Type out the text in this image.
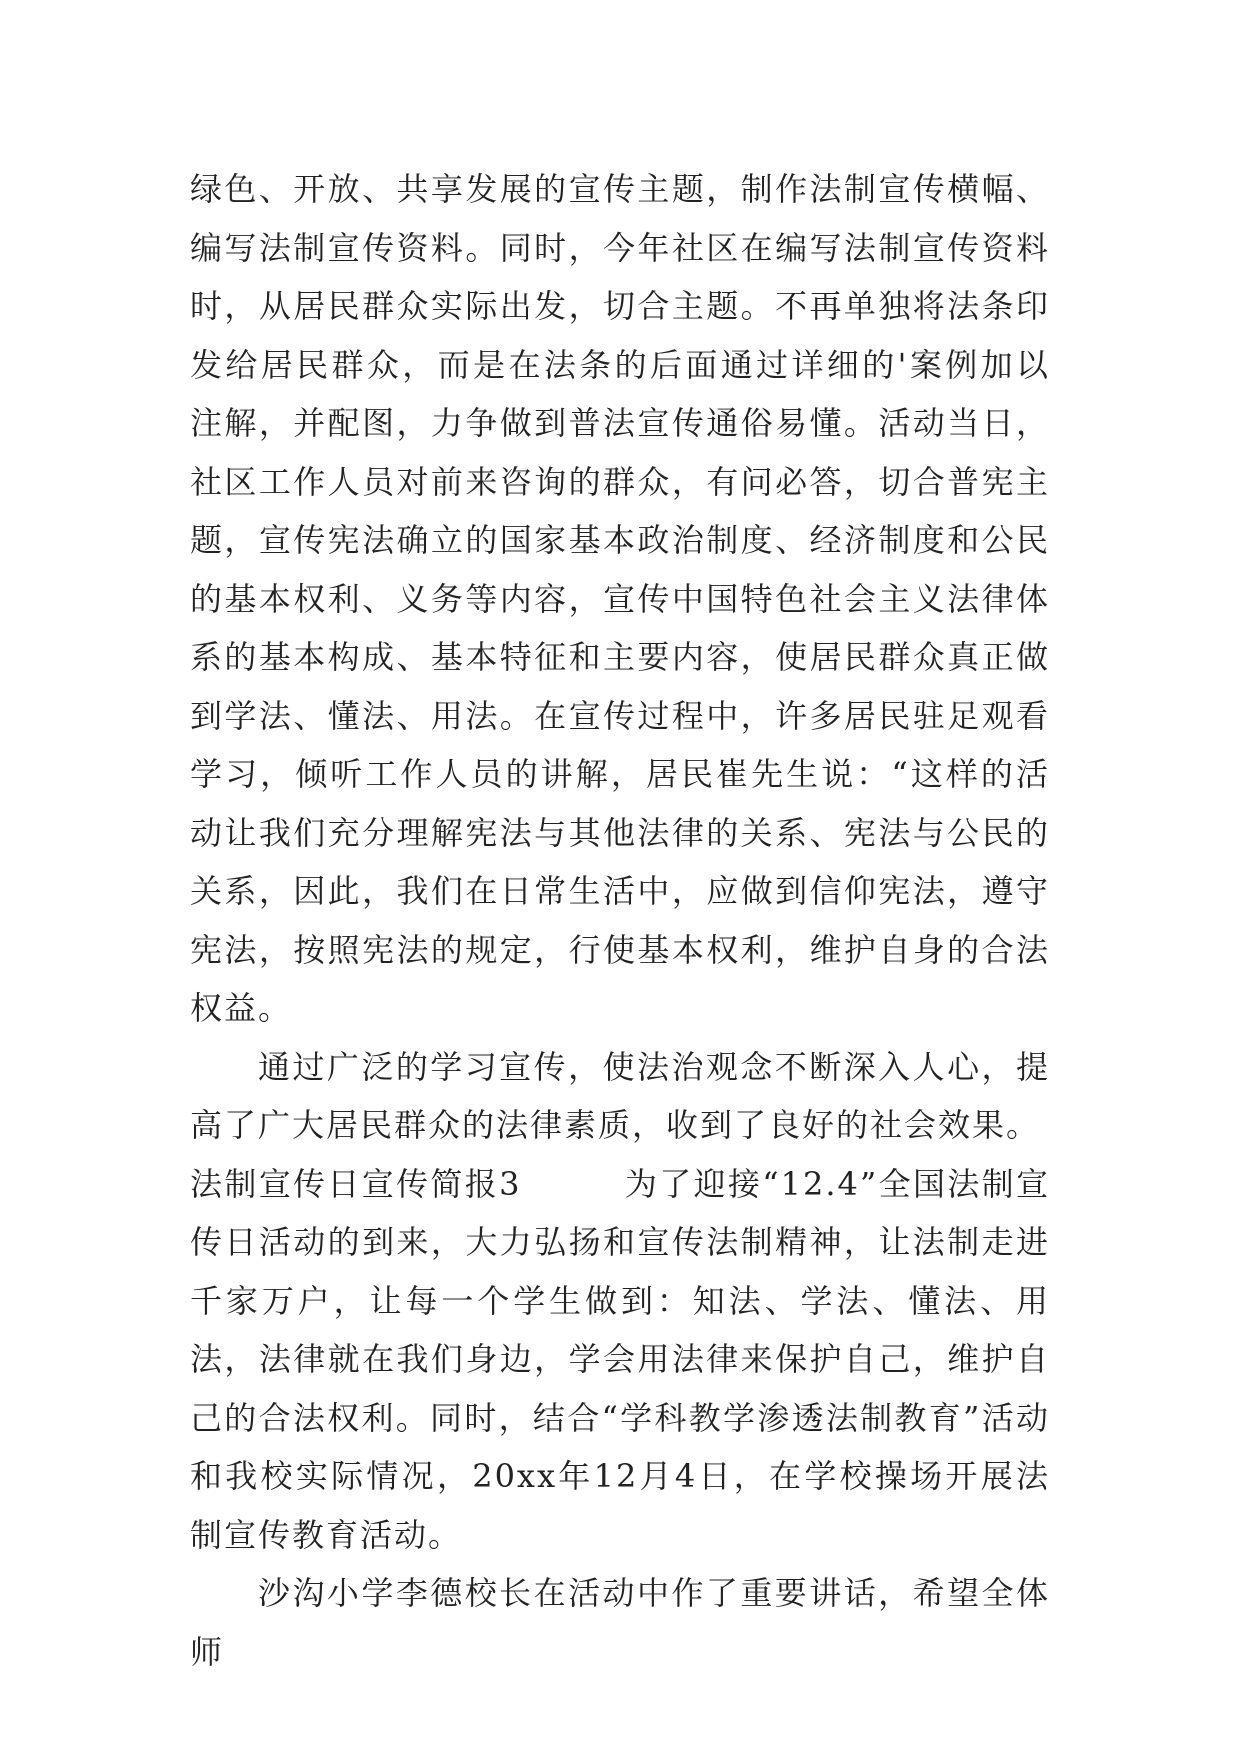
绿色、开放、共享发展的宣传主题，制作法制宣传横幅、编写法制宣传资料。同时，今年社区在编写法制宣传资料时，从居民群众实际出发，切合主题。不再单独将法条印发给居民群众，而是在法条的后面通过详细的'案例加以注解，并配图，力争做到普法宣传通俗易懂。活动当日，社区工作人员对前来咨询的群众，有问必答，切合普宪主题，宣传宪法确立的国家基本政治制度、经济制度和公民的基本权利、义务等内容，宣传中国特色社会主义法律体系的基本构成、基本特征和主要内容，使居民群众真正做到学法、懂法、用法。在宣传过程中，许多居民驻足观看学习，倾听工作人员的讲解，居民崔先生说：“这样的活动让我们充分理解宪法与其他法律的关系、宪法与公民的关系，因此，我们在日常生活中，应做到信仰宪法，遵守宪法，按照宪法的规定，行使基本权利，维护自身的合法权益。

通过广泛的学习宣传，使法治观念不断深入人心，提高了广大居民群众的法律素质，收到了良好的社会效果。

法制宣传日宣传简报3　　　为了迎接“12.4”全国法制宣传日活动的到来，大力弘扬和宣传法制精神，让法制走进千家万户，让每一个学生做到：知法、学法、懂法、用法，法律就在我们身边，学会用法律来保护自己，维护自己的合法权利。同时，结合“学科教学渗透法制教育”活动和我校实际情况，20xx年12月4日，在学校操场开展法制宣传教育活动。

沙沟小学李德校长在活动中作了重要讲话，希望全体师
